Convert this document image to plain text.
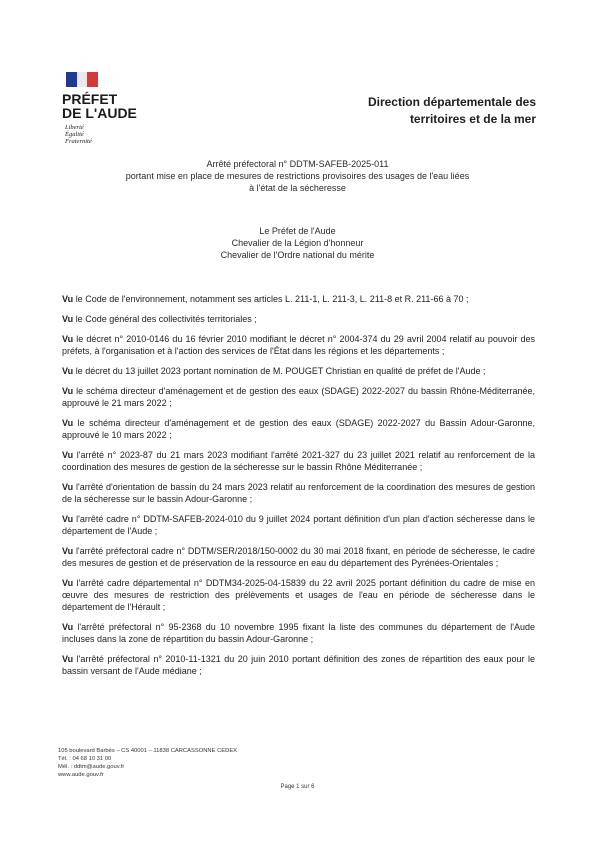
PRÉFET
DE L'AUDE
Liberté
Égalité
Fraternité
Direction départementale des
territoires et de la mer
Arrêté préfectoral n° DDTM-SAFEB-2025-011
portant mise en place de mesures de restrictions provisoires des usages de l'eau liées
à l'état de la sécheresse
Le Préfet de l'Aude
Chevalier de la Légion d'honneur
Chevalier de l'Ordre national du mérite

Vu le Code de l'environnement, notamment ses articles L. 211-1, L. 211-3, L. 211-8 et R. 211-66 à 70 ;

Vu le Code général des collectivités territoriales ;

Vu le décret n° 2010-0146 du 16 février 2010 modifiant le décret n° 2004-374 du 29 avril 2004 relatif au pouvoir des préfets, à l'organisation et à l'action des services de l'État dans les régions et les départements ;

Vu le décret du 13 juillet 2023 portant nomination de M. POUGET Christian en qualité de préfet de l'Aude ;

Vu le schéma directeur d'aménagement et de gestion des eaux (SDAGE) 2022-2027 du bassin Rhône-Méditerranée, approuvé le 21 mars 2022 ;

Vu le schéma directeur d'aménagement et de gestion des eaux (SDAGE) 2022-2027 du Bassin Adour-Garonne, approuvé le 10 mars 2022 ;

Vu l'arrêté n° 2023-87 du 21 mars 2023 modifiant l'arrêté 2021-327 du 23 juillet 2021 relatif au renforcement de la coordination des mesures de gestion de la sécheresse sur le bassin Rhône Méditerranée ;

Vu l'arrêté d'orientation de bassin du 24 mars 2023 relatif au renforcement de la coordination des mesures de gestion de la sécheresse sur le bassin Adour-Garonne ;

Vu l'arrêté cadre n° DDTM-SAFEB-2024-010 du 9 juillet 2024 portant définition d'un plan d'action sécheresse dans le département de l'Aude ;

Vu l'arrêté préfectoral cadre n° DDTM/SER/2018/150-0002 du 30 mai 2018 fixant, en période de sécheresse, le cadre des mesures de gestion et de préservation de la ressource en eau du département des Pyrénées-Orientales ;

Vu l'arrêté cadre départemental n° DDTM34-2025-04-15839 du 22 avril 2025 portant définition du cadre de mise en œuvre des mesures de restriction des prélèvements et usages de l'eau en période de sécheresse dans le département de l'Hérault ;

Vu l'arrêté préfectoral n° 95-2368 du 10 novembre 1995 fixant la liste des communes du département de l'Aude incluses dans la zone de répartition du bassin Adour-Garonne ;

Vu l'arrêté préfectoral n° 2010-11-1321 du 20 juin 2010 portant définition des zones de répartition des eaux pour le bassin versant de l'Aude médiane ;

105 boulevard Barbès – CS 40001 – 11838 CARCASSONNE CEDEX
Tél. : 04 68 10 31 00
Mél. : ddtm@aude.gouv.fr
www.aude.gouv.fr
Page 1 sur 6
